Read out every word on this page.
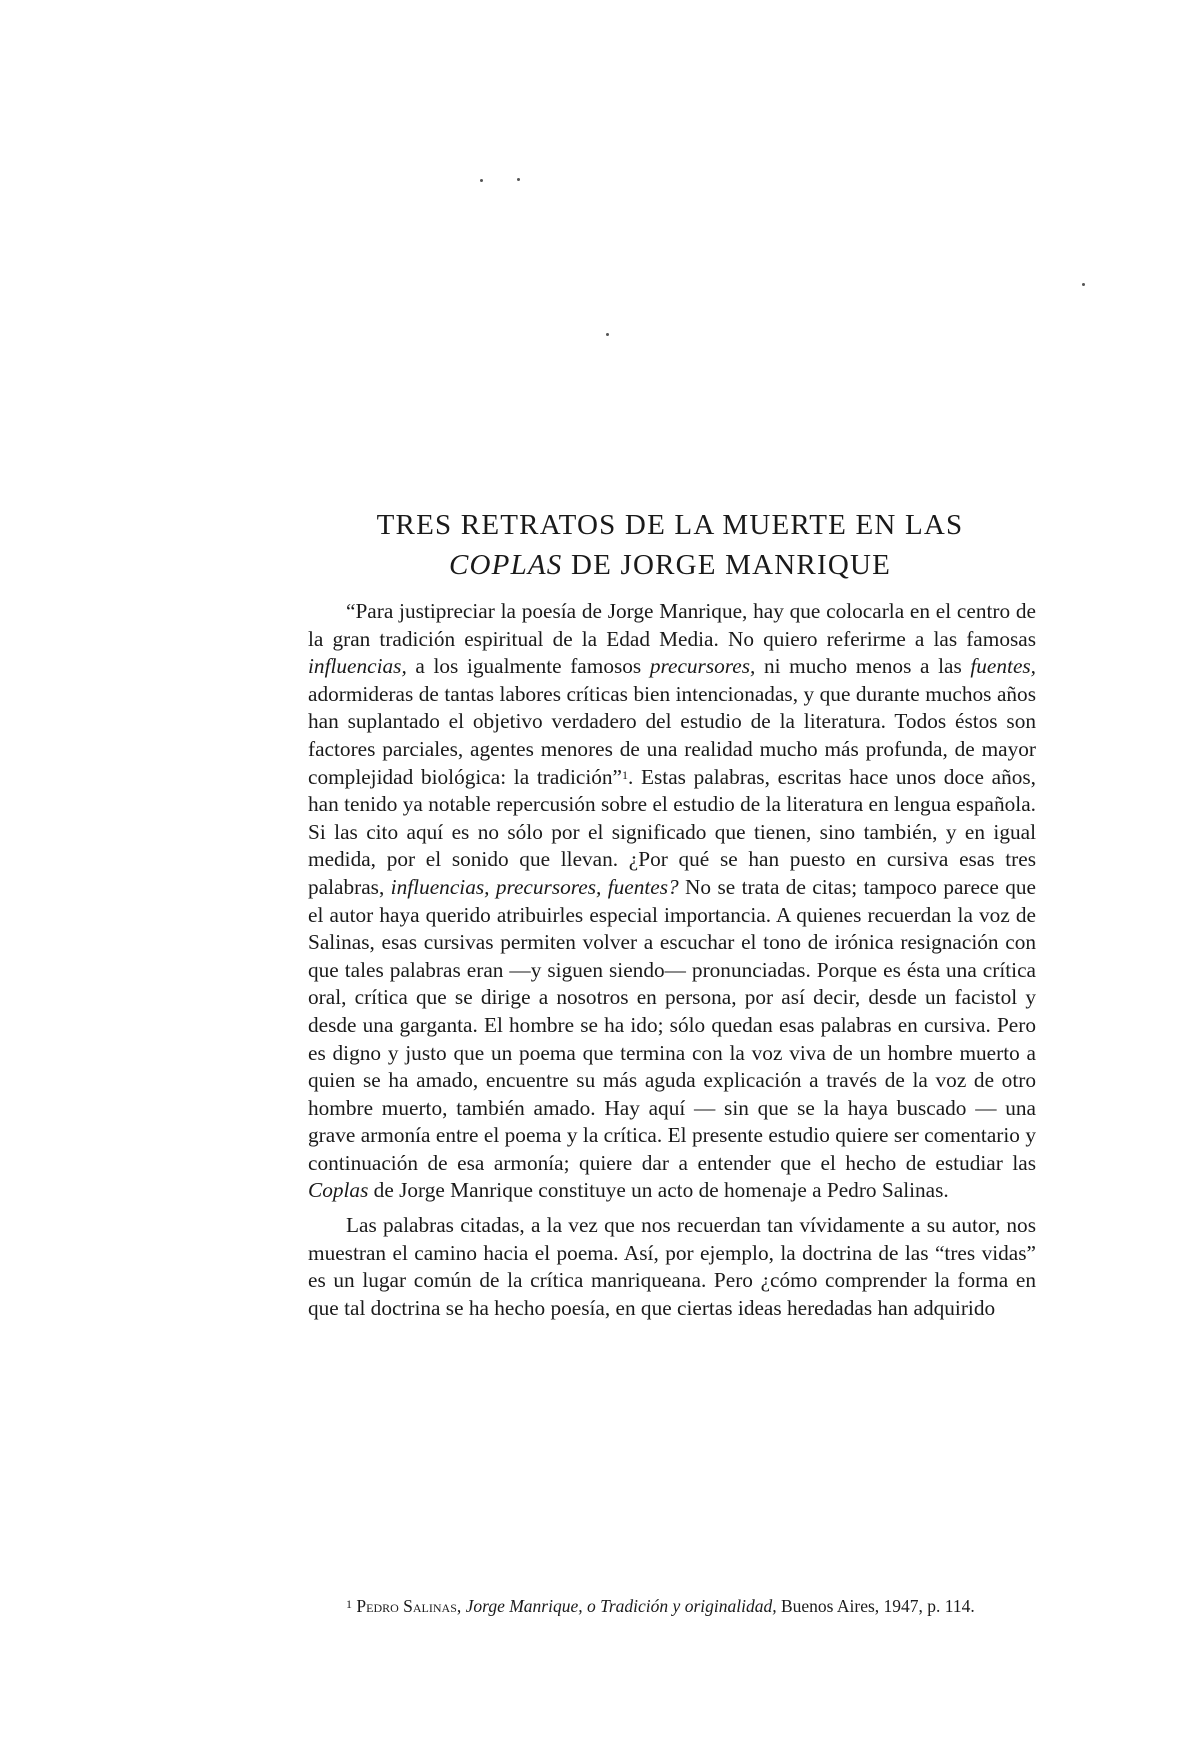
TRES RETRATOS DE LA MUERTE EN LAS

COPLAS DE JORGE MANRIQUE

“Para justipreciar la poesía de Jorge Manrique, hay que colocarla en el centro de la gran tradición espiritual de la Edad Media. No quiero referirme a las famosas influencias, a los igualmente famosos precursores, ni mucho menos a las fuentes, adormideras de tantas labores críticas bien intencionadas, y que durante muchos años han suplantado el objetivo verdadero del estudio de la literatura. Todos éstos son factores parciales, agentes menores de una realidad mucho más profunda, de mayor complejidad biológica: la tradición”$^1$. Estas palabras, escritas hace unos doce años, han tenido ya notable repercusión sobre el estudio de la literatura en lengua española. Si las cito aquí es no sólo por el significado que tienen, sino también, y en igual medida, por el sonido que llevan. ¿Por qué se han puesto en cursiva esas tres palabras, influencias, precursores, fuentes? No se trata de citas; tampoco parece que el autor haya querido atribuirles especial importancia. A quienes recuerdan la voz de Salinas, esas cursivas permiten volver a escuchar el tono de irónica resignación con que tales palabras eran —y siguen siendo— pronunciadas. Porque es ésta una crítica oral, crítica que se dirige a nosotros en persona, por así decir, desde un facistol y desde una garganta. El hombre se ha ido; sólo quedan esas palabras en cursiva. Pero es digno y justo que un poema que termina con la voz viva de un hombre muerto a quien se ha amado, encuentre su más aguda explicación a través de la voz de otro hombre muerto, también amado. Hay aquí — sin que se la haya buscado — una grave armonía entre el poema y la crítica. El presente estudio quiere ser comentario y continuación de esa armonía; quiere dar a entender que el hecho de estudiar las Coplas de Jorge Manrique constituye un acto de homenaje a Pedro Salinas.

Las palabras citadas, a la vez que nos recuerdan tan vívidamente a su autor, nos muestran el camino hacia el poema. Así, por ejemplo, la doctrina de las “tres vidas” es un lugar común de la crítica manriqueana. Pero ¿cómo comprender la forma en que tal doctrina se ha hecho poesía, en que ciertas ideas heredadas han adquirido

$^1$ Pedro Salinas, Jorge Manrique, o Tradición y originalidad, Buenos Aires, 1947, p. 114.
